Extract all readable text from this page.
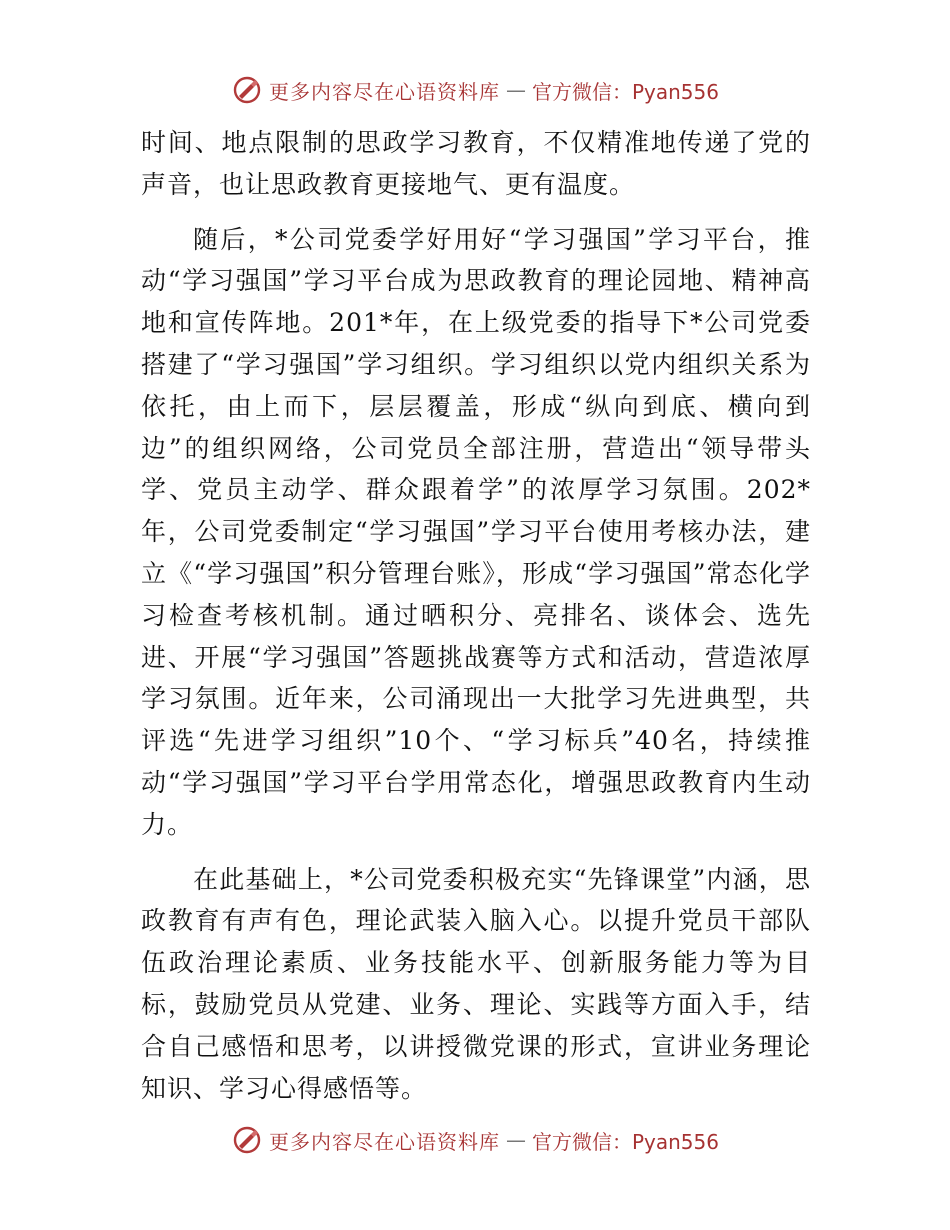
更多内容尽在心语资料库 — 官方微信：Pyan556

时间、地点限制的思政学习教育，不仅精准地传递了党的声音，也让思政教育更接地气、更有温度。

随后，*公司党委学好用好“学习强国”学习平台，推动“学习强国”学习平台成为思政教育的理论园地、精神高地和宣传阵地。201*年，在上级党委的指导下*公司党委搭建了“学习强国”学习组织。学习组织以党内组织关系为依托，由上而下，层层覆盖，形成“纵向到底、横向到边”的组织网络，公司党员全部注册，营造出“领导带头学、党员主动学、群众跟着学”的浓厚学习氛围。202*年，公司党委制定“学习强国”学习平台使用考核办法，建立《“学习强国”积分管理台账》，形成“学习强国”常态化学习检查考核机制。通过晒积分、亮排名、谈体会、选先进、开展“学习强国”答题挑战赛等方式和活动，营造浓厚学习氛围。近年来，公司涌现出一大批学习先进典型，共评选“先进学习组织”10个、“学习标兵”40名，持续推动“学习强国”学习平台学用常态化，增强思政教育内生动力。

在此基础上，*公司党委积极充实“先锋课堂”内涵，思政教育有声有色，理论武装入脑入心。以提升党员干部队伍政治理论素质、业务技能水平、创新服务能力等为目标，鼓励党员从党建、业务、理论、实践等方面入手，结合自己感悟和思考，以讲授微党课的形式，宣讲业务理论知识、学习心得感悟等。

更多内容尽在心语资料库 — 官方微信：Pyan556
